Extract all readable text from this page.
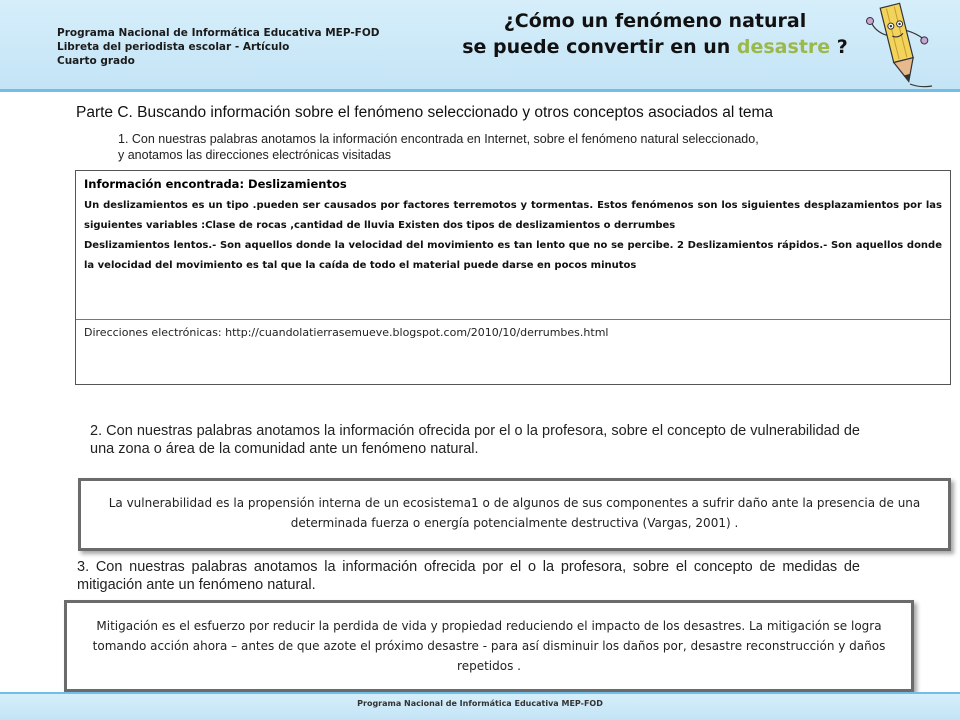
Programa Nacional de Informática Educativa MEP-FOD
Libreta del periodista escolar - Artículo
Cuarto grado
¿Cómo un fenómeno natural
se puede convertir en un desastre ?
Parte C. Buscando información sobre el fenómeno seleccionado y otros conceptos asociados al tema
1. Con nuestras palabras anotamos la información encontrada en Internet, sobre el fenómeno natural seleccionado,
y anotamos las direcciones electrónicas visitadas
Información encontrada: Deslizamientos
Un deslizamientos es un tipo .pueden ser causados por factores terremotos y tormentas. Estos fenómenos son los siguientes desplazamientos por las siguientes variables :Clase de rocas ,cantidad de lluvia Existen dos tipos de deslizamientos o derrumbes
Deslizamientos lentos.- Son aquellos donde la velocidad del movimiento es tan lento que no se percibe. 2 Deslizamientos rápidos.- Son aquellos donde la velocidad del movimiento es tal que la caída de todo el material puede darse en pocos minutos
Direcciones electrónicas: http://cuandolatierrasemueve.blogspot.com/2010/10/derrumbes.html
2. Con nuestras palabras anotamos la información ofrecida por el o la profesora, sobre el concepto de vulnerabilidad de una zona o área de la comunidad ante un fenómeno natural.
La vulnerabilidad es la propensión interna de un ecosistema1 o de algunos de sus componentes a sufrir daño ante la presencia de una determinada fuerza o energía potencialmente destructiva (Vargas, 2001) .
3. Con nuestras palabras anotamos la información ofrecida por el o la profesora, sobre el concepto de medidas de mitigación ante un fenómeno natural.
Mitigación es el esfuerzo por reducir la perdida de vida y propiedad reduciendo el impacto de los desastres. La mitigación se logra tomando acción ahora – antes de que azote el próximo desastre - para así disminuir los daños por, desastre reconstrucción y daños repetidos .
Programa Nacional de Informática Educativa MEP-FOD
